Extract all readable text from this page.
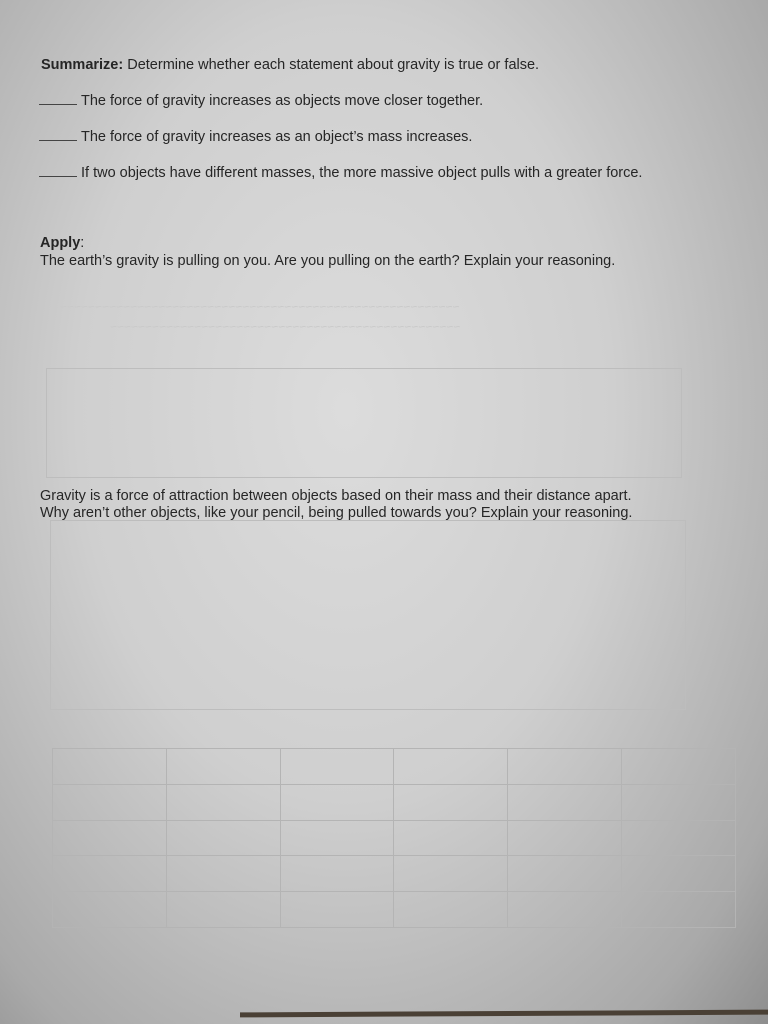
~~~~~~~~~~~~~~~~~~~~~~~~~~~~~~~~~~~~~~~~~~~~~~~~~~~~~~~~~
~~~~~~~~~~~~~~~~~~~~~~~~~~~~~~~~~~~~~~~~~~~~~~~~~~
Summarize: Determine whether each statement about gravity is true or false.
The force of gravity increases as objects move closer together.
The force of gravity increases as an object’s mass increases.
If two objects have different masses, the more massive object pulls with a greater force.
Apply:
The earth’s gravity is pulling on you. Are you pulling on the earth? Explain your reasoning.
Gravity is a force of attraction between objects based on their mass and their distance apart.
Why aren’t other objects, like your pencil, being pulled towards you? Explain your reasoning.
